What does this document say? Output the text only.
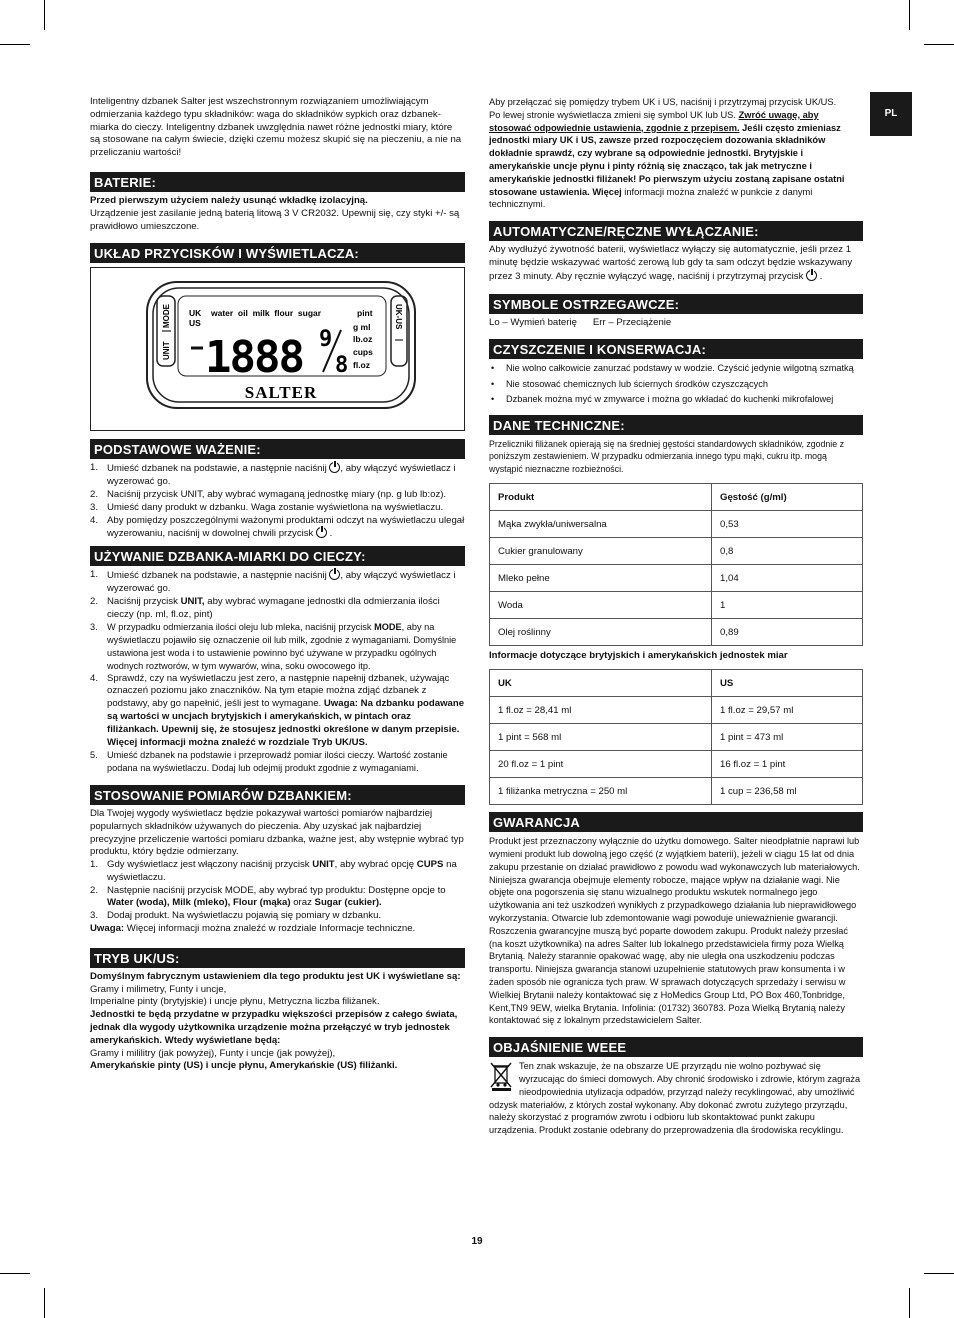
PL

Inteligentny dzbanek Salter jest wszechstronnym rozwiązaniem umożliwiającym odmierzania każdego typu składników: waga do składników sypkich oraz dzbanek-miarka do cieczy. Inteligentny dzbanek uwzględnia nawet różne jednostki miary, które są stosowane na całym świecie, dzięki czemu możesz skupić się na pieczeniu, a nie na przeliczaniu wartości!

BATERIE:

Przed pierwszym użyciem należy usunąć wkładkę izolacyjną.

Urządzenie jest zasilanie jedną baterią litową 3 V CR2032. Upewnij się, czy styki +/- są prawidłowo umieszczone.

UKŁAD PRZYCISKÓW I WYŚWIETLACZA:
UNIT
MODE	UK-US
UK
US
water  oil  milk  flour  sugar	pint
1888 9
8
g ml
lb.oz
cups
fl.oz
SALTER
PODSTAWOWE WAŻENIE:
1. Umieść dzbanek na podstawie, a następnie naciśnij , aby włączyć wyświetlacz i wyzerować go.
2. Naciśnij przycisk UNIT, aby wybrać wymaganą jednostkę miary (np. g lub lb:oz).
3. Umieść dany produkt w dzbanku. Waga zostanie wyświetlona na wyświetlaczu.
4. Aby pomiędzy poszczególnymi ważonymi produktami odczyt na wyświetlaczu ulegał wyzerowaniu, naciśnij w dowolnej chwili przycisk  .
UŻYWANIE DZBANKA-MIARKI DO CIECZY:
1. Umieść dzbanek na podstawie, a następnie naciśnij , aby włączyć wyświetlacz i wyzerować go.
2. Naciśnij przycisk UNIT, aby wybrać wymagane jednostki dla odmierzania ilości cieczy (np. ml, fl.oz, pint)
3. W przypadku odmierzania ilości oleju lub mleka, naciśnij przycisk MODE, aby na wyświetlaczu pojawiło się oznaczenie oil lub milk, zgodnie z wymaganiami. Domyślnie ustawiona jest woda i to ustawienie powinno być używane w przypadku ogólnych wodnych roztworów, w tym wywarów, wina, soku owocowego itp.
4. Sprawdź, czy na wyświetlaczu jest zero, a następnie napełnij dzbanek, używając oznaczeń poziomu jako znaczników. Na tym etapie można zdjąć dzbanek z podstawy, aby go napełnić, jeśli jest to wymagane. Uwaga: Na dzbanku podawane są wartości w uncjach brytyjskich i amerykańskich, w pintach oraz filiżankach. Upewnij się, że stosujesz jednostki określone w danym przepisie. Więcej informacji można znaleźć w rozdziale Tryb UK/US.
5. Umieść dzbanek na podstawie i przeprowadź pomiar ilości cieczy. Wartość zostanie podana na wyświetlaczu. Dodaj lub odejmij produkt zgodnie z wymaganiami.
STOSOWANIE POMIARÓW DZBANKIEM:

Dla Twojej wygody wyświetlacz będzie pokazywał wartości pomiarów najbardziej popularnych składników używanych do pieczenia. Aby uzyskać jak najbardziej precyzyjne przeliczenie wartości pomiaru dzbanka, ważne jest, aby wstępnie wybrać typ produktu, który będzie odmierzany.

1. Gdy wyświetlacz jest włączony naciśnij przycisk UNIT, aby wybrać opcję CUPS na wyświetlaczu.
2. Następnie naciśnij przycisk MODE, aby wybrać typ produktu: Dostępne opcje to Water (woda), Milk (mleko), Flour (mąka) oraz Sugar (cukier).
3. Dodaj produkt. Na wyświetlaczu pojawią się pomiary w dzbanku.

Uwaga: Więcej informacji można znaleźć w rozdziale Informacje techniczne.

TRYB UK/US:

Domyślnym fabrycznym ustawieniem dla tego produktu jest UK i wyświetlane są:

Gramy i milimetry, Funty i uncje,

Imperialne pinty (brytyjskie) i uncje płynu, Metryczna liczba filiżanek.

Jednostki te będą przydatne w przypadku większości przepisów z całego świata, jednak dla wygody użytkownika urządzenie można przełączyć w tryb jednostek amerykańskich. Wtedy wyświetlane będą:

Gramy i mililitry (jak powyżej), Funty i uncje (jak powyżej),

Amerykańskie pinty (US) i uncje płynu, Amerykańskie (US) filiżanki.

Aby przełączać się pomiędzy trybem UK i US, naciśnij i przytrzymaj przycisk UK/US.
Po lewej stronie wyświetlacza zmieni się symbol UK lub US. Zwróć uwagę, aby stosować odpowiednie ustawienia, zgodnie z przepisem. Jeśli często zmieniasz jednostki miary UK i US, zawsze przed rozpoczęciem dozowania składników dokładnie sprawdź, czy wybrane są odpowiednie jednostki. Brytyjskie i amerykańskie uncje płynu i pinty różnią się znacząco, tak jak metryczne i amerykańskie jednostki filiżanek! Po pierwszym użyciu zostaną zapisane ostatni stosowane ustawienia. Więcej informacji można znaleźć w punkcie z danymi technicznymi.

AUTOMATYCZNE/RĘCZNE WYŁĄCZANIE:

Aby wydłużyć żywotność baterii, wyświetlacz wyłączy się automatycznie, jeśli przez 1 minutę będzie wskazywać wartość zerową lub gdy ta sam odczyt będzie wskazywany przez 3 minuty. Aby ręcznie wyłączyć wagę, naciśnij i przytrzymaj przycisk  .

SYMBOLE OSTRZEGAWCZE:

Lo – Wymień baterię      Err – Przeciążenie

CZYSZCZENIE I KONSERWACJA:
• Nie wolno całkowicie zanurzać podstawy w wodzie. Czyścić jedynie wilgotną szmatką
• Nie stosować chemicznych lub ściernych środków czyszczących
• Dzbanek można myć w zmywarce i można go wkładać do kuchenki mikrofalowej
DANE TECHNICZNE:

Przeliczniki filiżanek opierają się na średniej gęstości standardowych składników, zgodnie z poniższym zestawieniem. W przypadku odmierzania innego typu mąki, cukru itp. mogą wystąpić nieznaczne rozbieżności.

Produkt	Gęstość (g/ml)
Mąka zwykła/uniwersalna	0,53
Cukier granulowany	0,8
Mleko pełne	1,04
Woda	1
Olej roślinny	0,89

Informacje dotyczące brytyjskich i amerykańskich jednostek miar

UK	US
1 fl.oz = 28,41 ml	1 fl.oz = 29,57 ml
1 pint = 568 ml	1 pint = 473 ml
20 fl.oz = 1 pint	16 fl.oz = 1 pint
1 filiżanka metryczna = 250 ml	1 cup = 236,58 ml
GWARANCJA

Produkt jest przeznaczony wyłącznie do użytku domowego. Salter nieodpłatnie naprawi lub wymieni produkt lub dowolną jego część (z wyjątkiem baterii), jeżeli w ciągu 15 lat od dnia zakupu przestanie on działać prawidłowo z powodu wad wykonawczych lub materiałowych. Niniejsza gwarancja obejmuje elementy robocze, mające wpływ na działanie wagi. Nie objęte ona pogorszenia się stanu wizualnego produktu wskutek normalnego jego użytkowania ani też uszkodzeń wynikłych z przypadkowego działania lub nieprawidłowego wykorzystania. Otwarcie lub zdemontowanie wagi powoduje unieważnienie gwarancji. Roszczenia gwarancyjne muszą być poparte dowodem zakupu. Produkt należy przesłać (na koszt użytkownika) na adres Salter lub lokalnego przedstawiciela firmy poza Wielką Brytanią. Należy starannie opakować wagę, aby nie uległa ona uszkodzeniu podczas transportu. Niniejsza gwarancja stanowi uzupełnienie statutowych praw konsumenta i w żaden sposób nie ogranicza tych praw. W sprawach dotyczących sprzedaży i serwisu w Wielkiej Brytanii należy kontaktować się z HoMedics Group Ltd, PO Box 460,Tonbridge, Kent,TN9 9EW, wielka Brytania. Infolinia: (01732) 360783. Poza Wielką Brytanią należy kontaktować się z lokalnym przedstawicielem Salter.

OBJAŚNIENIE WEEE

Ten znak wskazuje, że na obszarze UE przyrządu nie wolno pozbywać się wyrzucając do śmieci domowych. Aby chronić środowisko i zdrowie, którym zagraża nieodpowiednia utylizacja odpadów, przyrząd należy recyklingować, aby umożliwić odzysk materiałów, z których został wykonany. Aby dokonać zwrotu zużytego przyrządu, należy skorzystać z programów zwrotu i odbioru lub skontaktować punkt zakupu urządzenia. Produkt zostanie odebrany do przeprowadzenia dla środowiska recyklingu.

19
